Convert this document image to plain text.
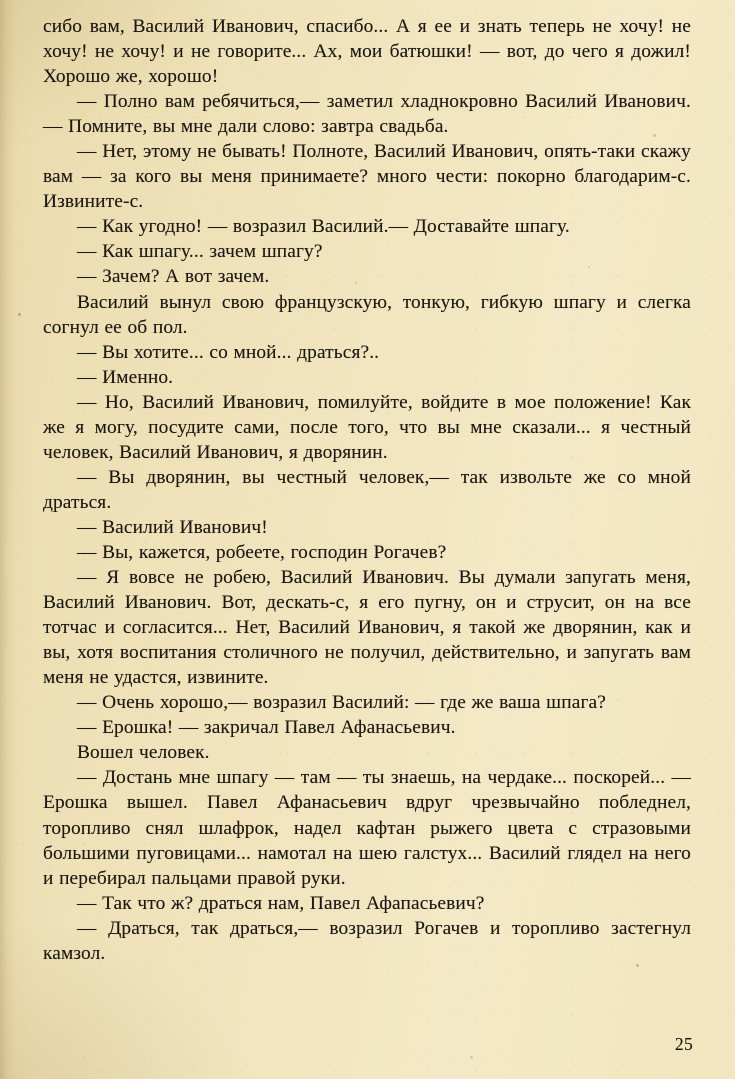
сибо вам, Василий Иванович, спасибо... А я ее и знать теперь не хочу! не хочу! не хочу! и не говорите... Ах, мои батюшки! — вот, до чего я дожил! Хорошо же, хорошо!

— Полно вам ребячиться,— заметил хладнокровно Василий Иванович.— Помните, вы мне дали слово: завтра свадьба.

— Нет, этому не бывать! Полноте, Василий Иванович, опять-таки скажу вам — за кого вы меня принимаете? много чести: покорно благодарим-с. Извините-с.

— Как угодно! — возразил Василий.— Доставайте шпагу.

— Как шпагу... зачем шпагу?

— Зачем? А вот зачем.

Василий вынул свою французскую, тонкую, гибкую шпагу и слегка согнул ее об пол.

— Вы хотите... со мной... драться?..

— Именно.

— Но, Василий Иванович, помилуйте, войдите в мое положение! Как же я могу, посудите сами, после того, что вы мне сказали... я честный человек, Василий Иванович, я дворянин.

— Вы дворянин, вы честный человек,— так извольте же со мной драться.

— Василий Иванович!

— Вы, кажется, робеете, господин Рогачев?

— Я вовсе не робею, Василий Иванович. Вы думали запугать меня, Василий Иванович. Вот, дескать-с, я его пугну, он и струсит, он на все тотчас и согласится... Нет, Василий Иванович, я такой же дворянин, как и вы, хотя воспитания столичного не получил, действительно, и запугать вам меня не удастся, извините.

— Очень хорошо,— возразил Василий: — где же ваша шпага?

— Ерошка! — закричал Павел Афанасьевич.

Вошел человек.

— Достань мне шпагу — там — ты знаешь, на чердаке... поскорей... — Ерошка вышел. Павел Афанасьевич вдруг чрезвычайно побледнел, торопливо снял шлафрок, надел кафтан рыжего цвета с стразовыми большими пуговицами... намотал на шею галстух... Василий глядел на него и перебирал пальцами правой руки.

— Так что ж? драться нам, Павел Афапасьевич?

— Драться, так драться,— возразил Рогачев и торопливо застегнул камзол.

25
